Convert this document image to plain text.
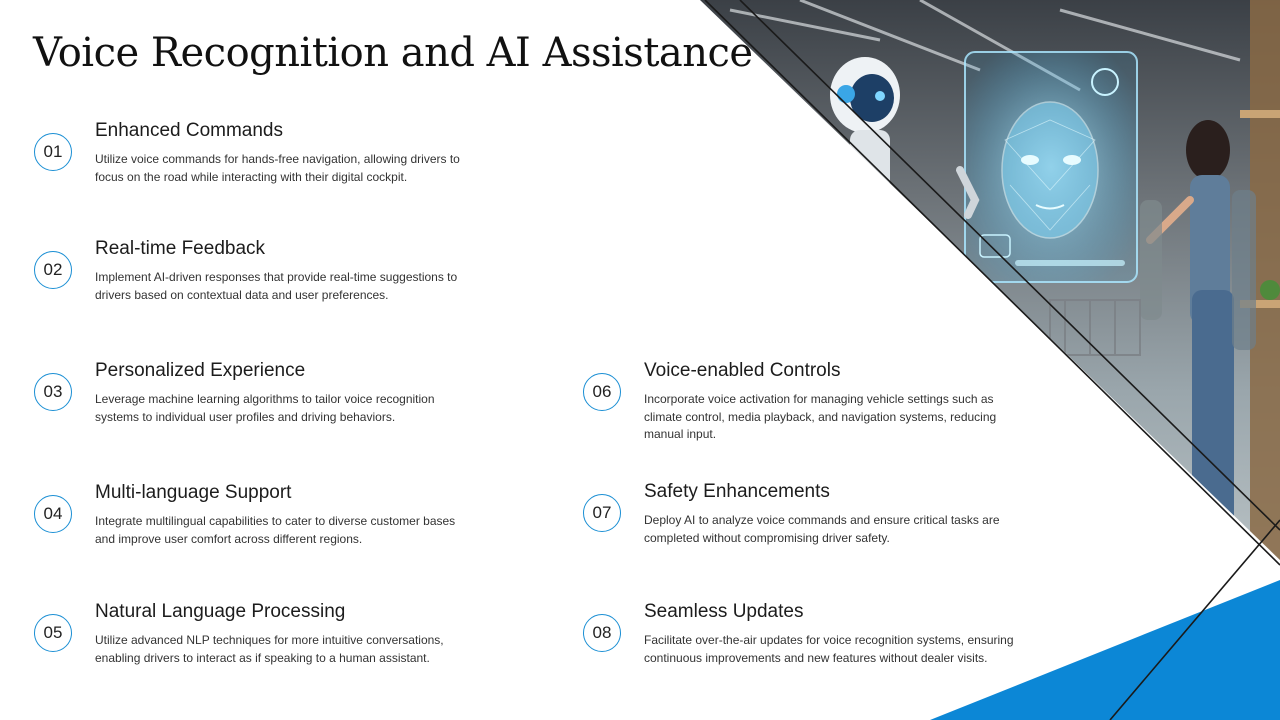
Voice Recognition and AI Assistance
01
Enhanced Commands
Utilize voice commands for hands-free navigation, allowing drivers to focus on the road while interacting with their digital cockpit.
02
Real-time Feedback
Implement AI-driven responses that provide real-time suggestions to drivers based on contextual data and user preferences.
03
Personalized Experience
Leverage machine learning algorithms to tailor voice recognition systems to individual user profiles and driving behaviors.
04
Multi-language Support
Integrate multilingual capabilities to cater to diverse customer bases and improve user comfort across different regions.
05
Natural Language Processing
Utilize advanced NLP techniques for more intuitive conversations, enabling drivers to interact as if speaking to a human assistant.
06
Voice-enabled Controls
Incorporate voice activation for managing vehicle settings such as climate control, media playback, and navigation systems, reducing manual input.
07
Safety Enhancements
Deploy AI to analyze voice commands and ensure critical tasks are completed without compromising driver safety.
08
Seamless Updates
Facilitate over-the-air updates for voice recognition systems, ensuring continuous improvements and new features without dealer visits.
